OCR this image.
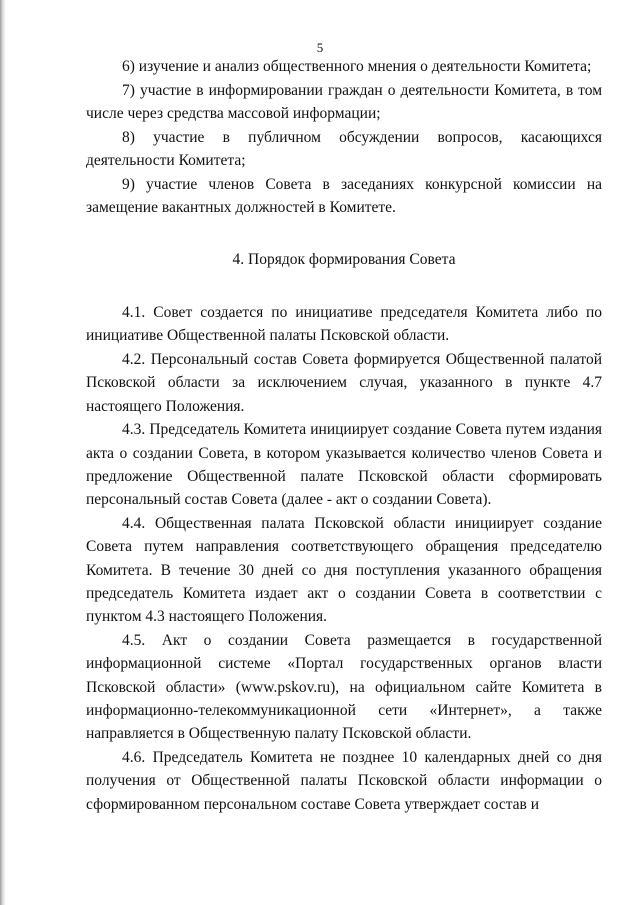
5

6) изучение и анализ общественного мнения о деятельности Комитета;

7) участие в информировании граждан о деятельности Комитета, в том числе через средства массовой информации;

8) участие в публичном обсуждении вопросов, касающихся деятельности Комитета;

9) участие членов Совета в заседаниях конкурсной комиссии на замещение вакантных должностей в Комитете.

4. Порядок формирования Совета

4.1. Совет создается по инициативе председателя Комитета либо по инициативе Общественной палаты Псковской области.

4.2. Персональный состав Совета формируется Общественной палатой Псковской области за исключением случая, указанного в пункте 4.7 настоящего Положения.

4.3. Председатель Комитета инициирует создание Совета путем издания акта о создании Совета, в котором указывается количество членов Совета и предложение Общественной палате Псковской области сформировать персональный состав Совета (далее - акт о создании Совета).

4.4. Общественная палата Псковской области инициирует создание Совета путем направления соответствующего обращения председателю Комитета. В течение 30 дней со дня поступления указанного обращения председатель Комитета издает акт о создании Совета в соответствии с пунктом 4.3 настоящего Положения.

4.5. Акт о создании Совета размещается в государственной информационной системе «Портал государственных органов власти Псковской области» (www.pskov.ru), на официальном сайте Комитета в информационно-телекоммуникационной сети «Интернет», а также направляется в Общественную палату Псковской области.

4.6. Председатель Комитета не позднее 10 календарных дней со дня получения от Общественной палаты Псковской области информации о сформированном персональном составе Совета утверждает состав и
